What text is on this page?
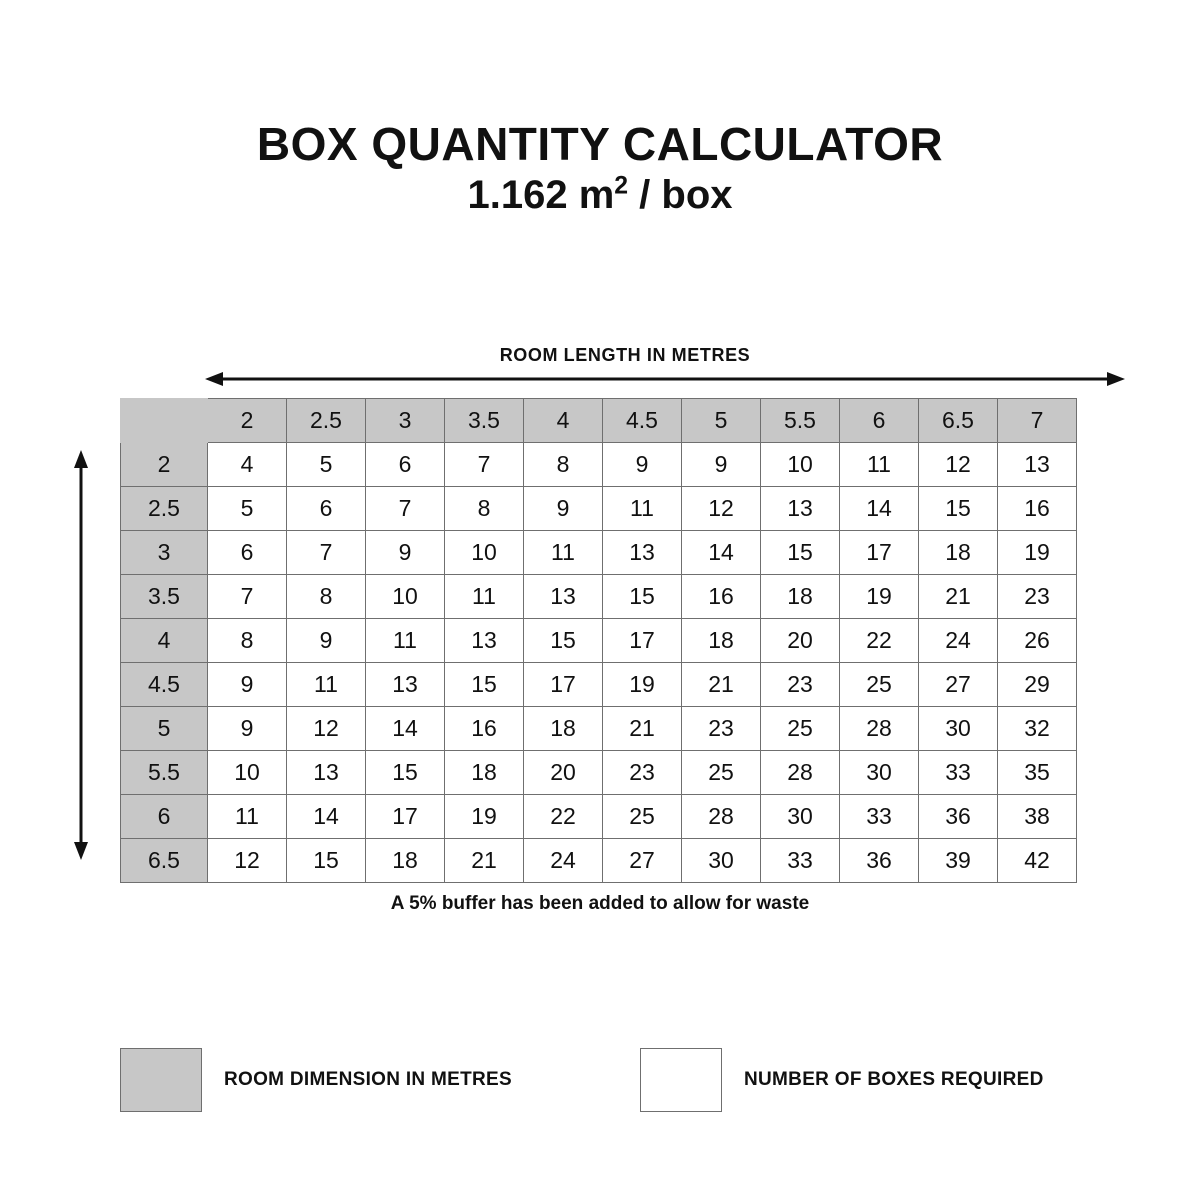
BOX QUANTITY CALCULATOR
1.162 $m^2$ / box
ROOM LENGTH IN METRES
	2	2.5	3	3.5	4	4.5	5	5.5	6	6.5	7
2	4	5	6	7	8	9	9	10	11	12	13
2.5	5	6	7	8	9	11	12	13	14	15	16
3	6	7	9	10	11	13	14	15	17	18	19
3.5	7	8	10	11	13	15	16	18	19	21	23
4	8	9	11	13	15	17	18	20	22	24	26
4.5	9	11	13	15	17	19	21	23	25	27	29
5	9	12	14	16	18	21	23	25	28	30	32
5.5	10	13	15	18	20	23	25	28	30	33	35
6	11	14	17	19	22	25	28	30	33	36	38
6.5	12	15	18	21	24	27	30	33	36	39	42
A 5% buffer has been added to allow for waste
ROOM DIMENSION IN METRES	NUMBER OF BOXES REQUIRED
